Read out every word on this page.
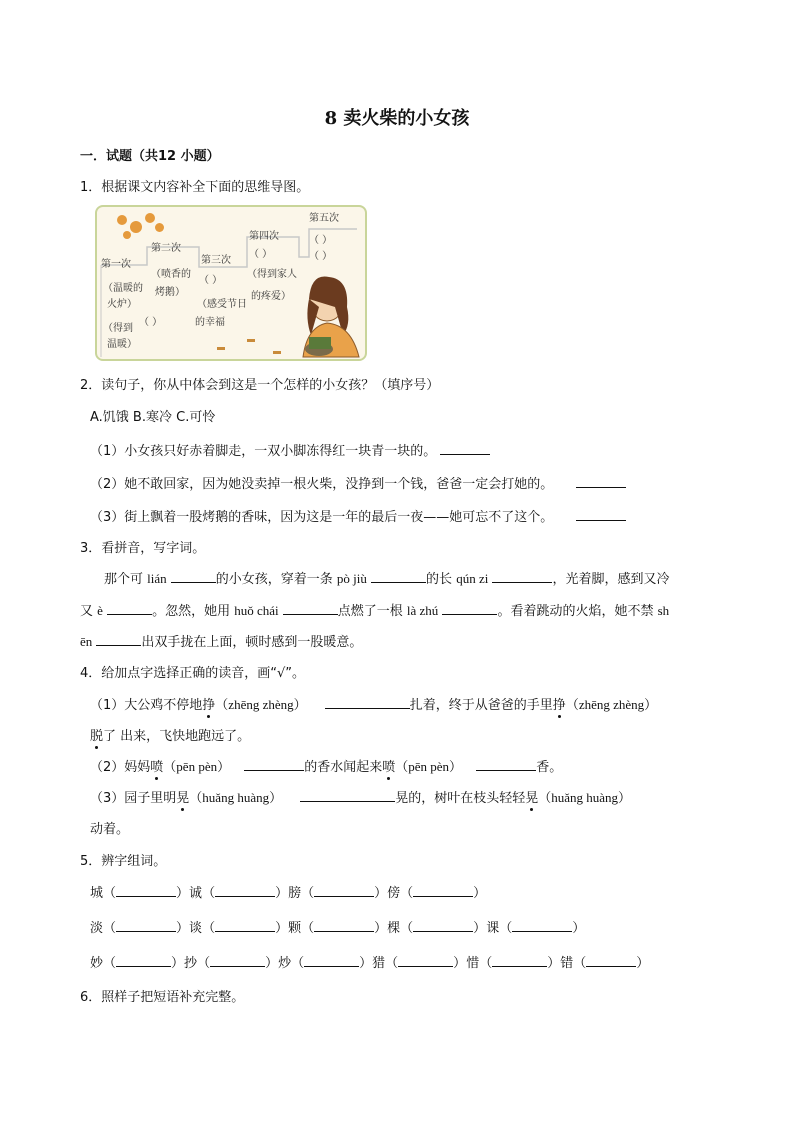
8 卖火柴的小女孩
一．试题（共12 小题）
1．根据课文内容补全下面的思维导图。
第一次
（温暖的
火炉）
（得到
温暖）
第二次
（喷香的
烤鹅）
（ ）
第三次
（ ）
（感受节日
的幸福
第四次
（ ）
（得到家人
的疼爱）
第五次
（ ）
（ ）
2．读句子，你从中体会到这是一个怎样的小女孩？（填序号）
A.饥饿 B.寒冷 C.可怜
（1）小女孩只好赤着脚走，一双小脚冻得红一块青一块的。
（2）她不敢回家，因为她没卖掉一根火柴，没挣到一个钱，爸爸一定会打她的。
（3）街上飘着一股烤鹅的香味，因为这是一年的最后一夜——她可忘不了这个。
3．看拼音，写字词。
那个可 lián	的小女孩，穿着一条 pò jiù	的长 qún zi	，光着脚，感到又冷
又 è	。忽然，她用 huǒ chái	点燃了一根 là zhú	。看着跳动的火焰，她不禁 sh
ēn	出双手拢在上面，顿时感到一股暖意。
4．给加点字选择正确的读音，画“√”。
（1）大公鸡不停地挣（zhēng zhèng）	扎着，终于从爸爸的手里挣（zhēng zhèng）
脱了 出来，飞快地跑远了。
（2）妈妈喷（pēn pèn）	的香水闻起来喷（pēn pèn）	香。
（3）园子里明晃（huǎng huàng）	晃的，树叶在枝头轻轻晃（huǎng huàng）
动着。
5．辨字组词。
城（	）诚（	）膀（	）傍（	）
淡（	）谈（	）颗（	）棵（	）课（	）
妙（	）抄（	）炒（	）猎（	）惜（	）错（	）
6．照样子把短语补充完整。
